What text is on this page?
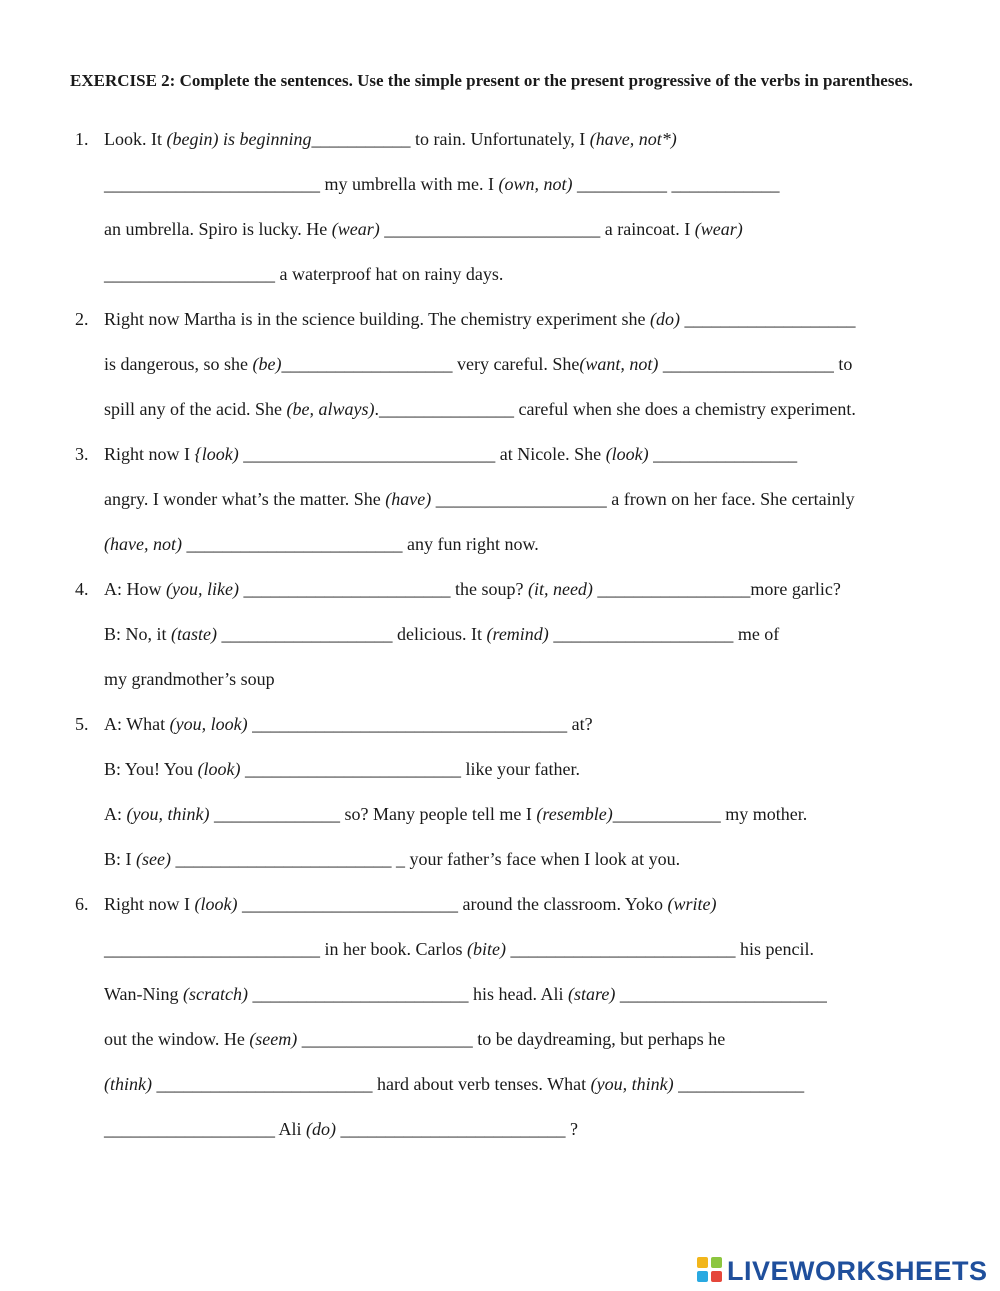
EXERCISE 2: Complete the sentences. Use the simple present or the present progressive of the verbs in parentheses.
1. Look. It (begin) is beginning___________ to rain. Unfortunately, I (have, not*)
________________________ my umbrella with me. I (own, not) __________ ____________
an umbrella. Spiro is lucky. He (wear) ________________________ a raincoat. I (wear)
___________________ a waterproof hat on rainy days.
2. Right now Martha is in the science building. The chemistry experiment she (do) ___________________
is dangerous, so she (be)___________________ very careful. She(want, not) ___________________ to
spill any of the acid. She (be, always)._______________ careful when she does a chemistry experiment.
3. Right now I {look) ____________________________ at Nicole. She (look) ________________
angry. I wonder what’s the matter. She (have) ___________________ a frown on her face. She certainly
(have, not) ________________________ any fun right now.
4. A: How (you, like) _______________________ the soup? (it, need) _________________more garlic?
B: No, it (taste) ___________________ delicious. It (remind) ____________________ me of
my grandmother’s soup
5. A: What (you, look) ___________________________________ at?
B: You! You (look) ________________________ like your father.
A: (you, think) ______________ so? Many people tell me I (resemble)____________ my mother.
B: I (see) ________________________ _ your father’s face when I look at you.
6. Right now I (look) ________________________ around the classroom. Yoko (write)
________________________ in her book. Carlos (bite) _________________________ his pencil.
Wan-Ning (scratch) ________________________ his head. Ali (stare) _______________________
out the window. He (seem) ___________________ to be daydreaming, but perhaps he
(think) ________________________ hard about verb tenses. What (you, think) ______________
___________________ Ali (do) _________________________ ?
LIVEWORKSHEETS
